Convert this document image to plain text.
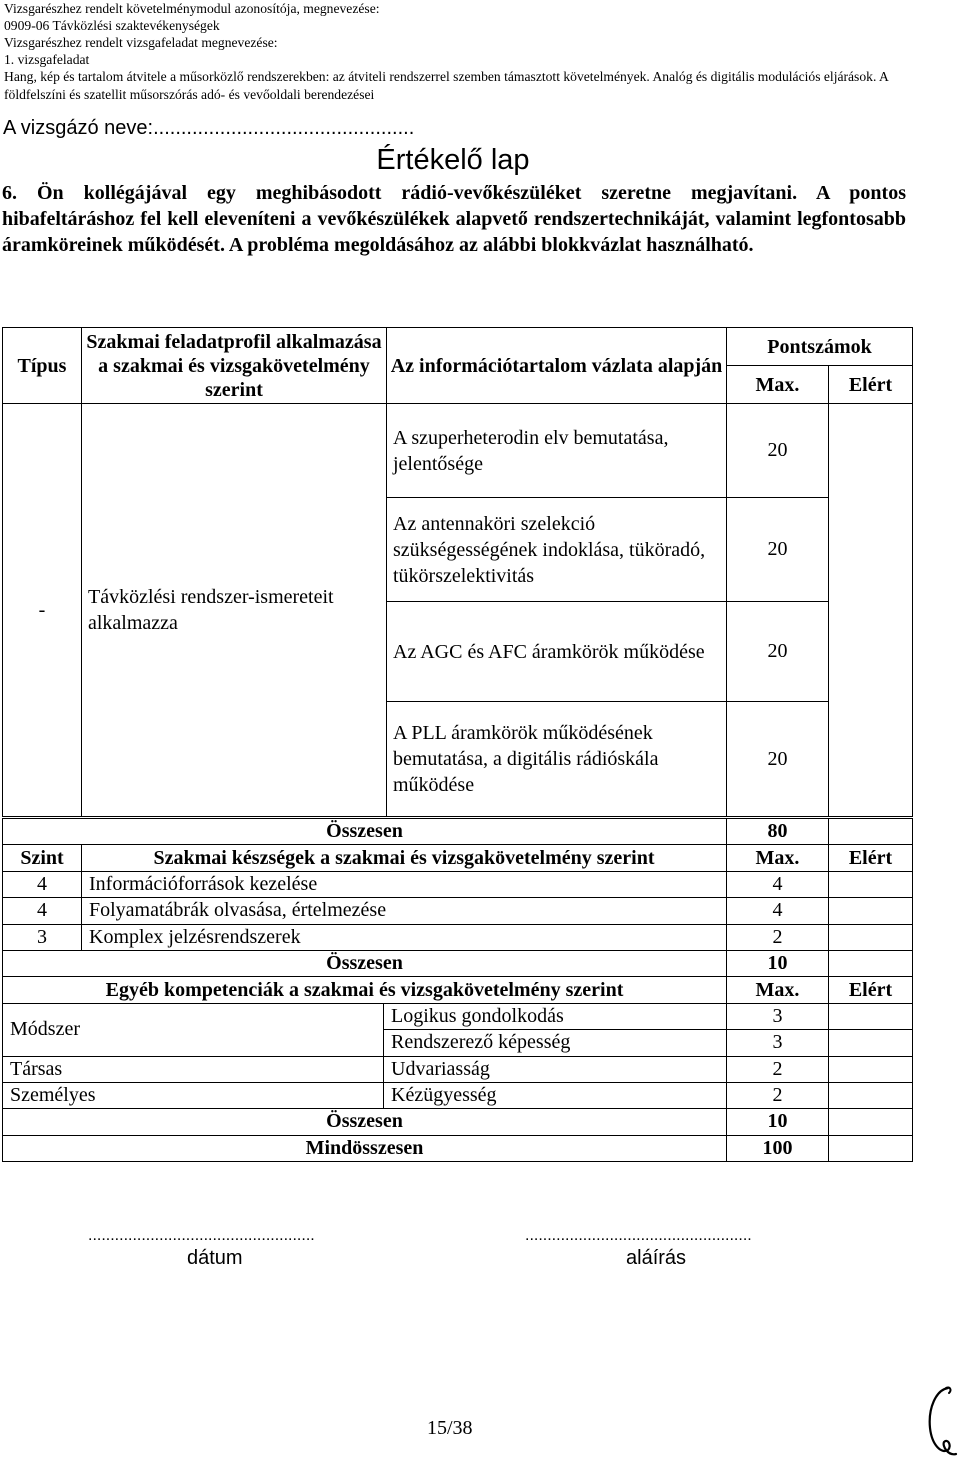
Vizsgarészhez rendelt követelménymodul azonosítója, megnevezése:
0909-06 Távközlési szaktevékenységek
Vizsgarészhez rendelt vizsgafeladat megnevezése:
1. vizsgafeladat
Hang, kép és tartalom átvitele a műsorközlő rendszerekben: az átviteli rendszerrel szemben támasztott követelmények. Analóg és digitális modulációs eljárások. A földfelszíni és szatellit műsorszórás adó- és vevőoldali berendezései
A vizsgázó neve:...............................................
Értékelő lap
6. Ön kollégájával egy meghibásodott rádió-vevőkészüléket szeretne megjavítani. A pontos hibafeltáráshoz fel kell eleveníteni a vevőkészülékek alapvető rendszertechnikáját, valamint legfontosabb áramköreinek működését. A probléma megoldásához az alábbi blokkvázlat használható.
Típus	Szakmai feladatprofil alkalmazása a szakmai és vizsgakövetelmény szerint	Az információtartalom vázlata alapján	Pontszámok	
			Max.	Elért
-	Távközlési rendszer-ismereteit alkalmazza	A szuperheterodin elv bemutatása, jelentősége	20	
		Az antennaköri szelekció szükségességének indoklása, tüköradó, tükörszelektivitás	20	
		Az AGC és AFC áramkörök működése	20	
		A PLL áramkörök működésének bemutatása, a digitális rádióskála működése	20	
Összesen			80	
Szint	Szakmai készségek a szakmai és vizsgakövetelmény szerint		Max.	Elért
4	Információforrások kezelése		4	
4	Folyamatábrák olvasása, értelmezése		4	
3	Komplex jelzésrendszerek		2	
Összesen			10	
Egyéb kompetenciák a szakmai és vizsgakövetelmény szerint			Max.	Elért
Módszer		Logikus gondolkodás	3	
		Rendszerező képesség	3	
Társas		Udvariasság	2	
Személyes		Kézügyesség	2	
Összesen			10	
Mindösszesen			100	
...................................................
dátum
...................................................
aláírás
15/38
